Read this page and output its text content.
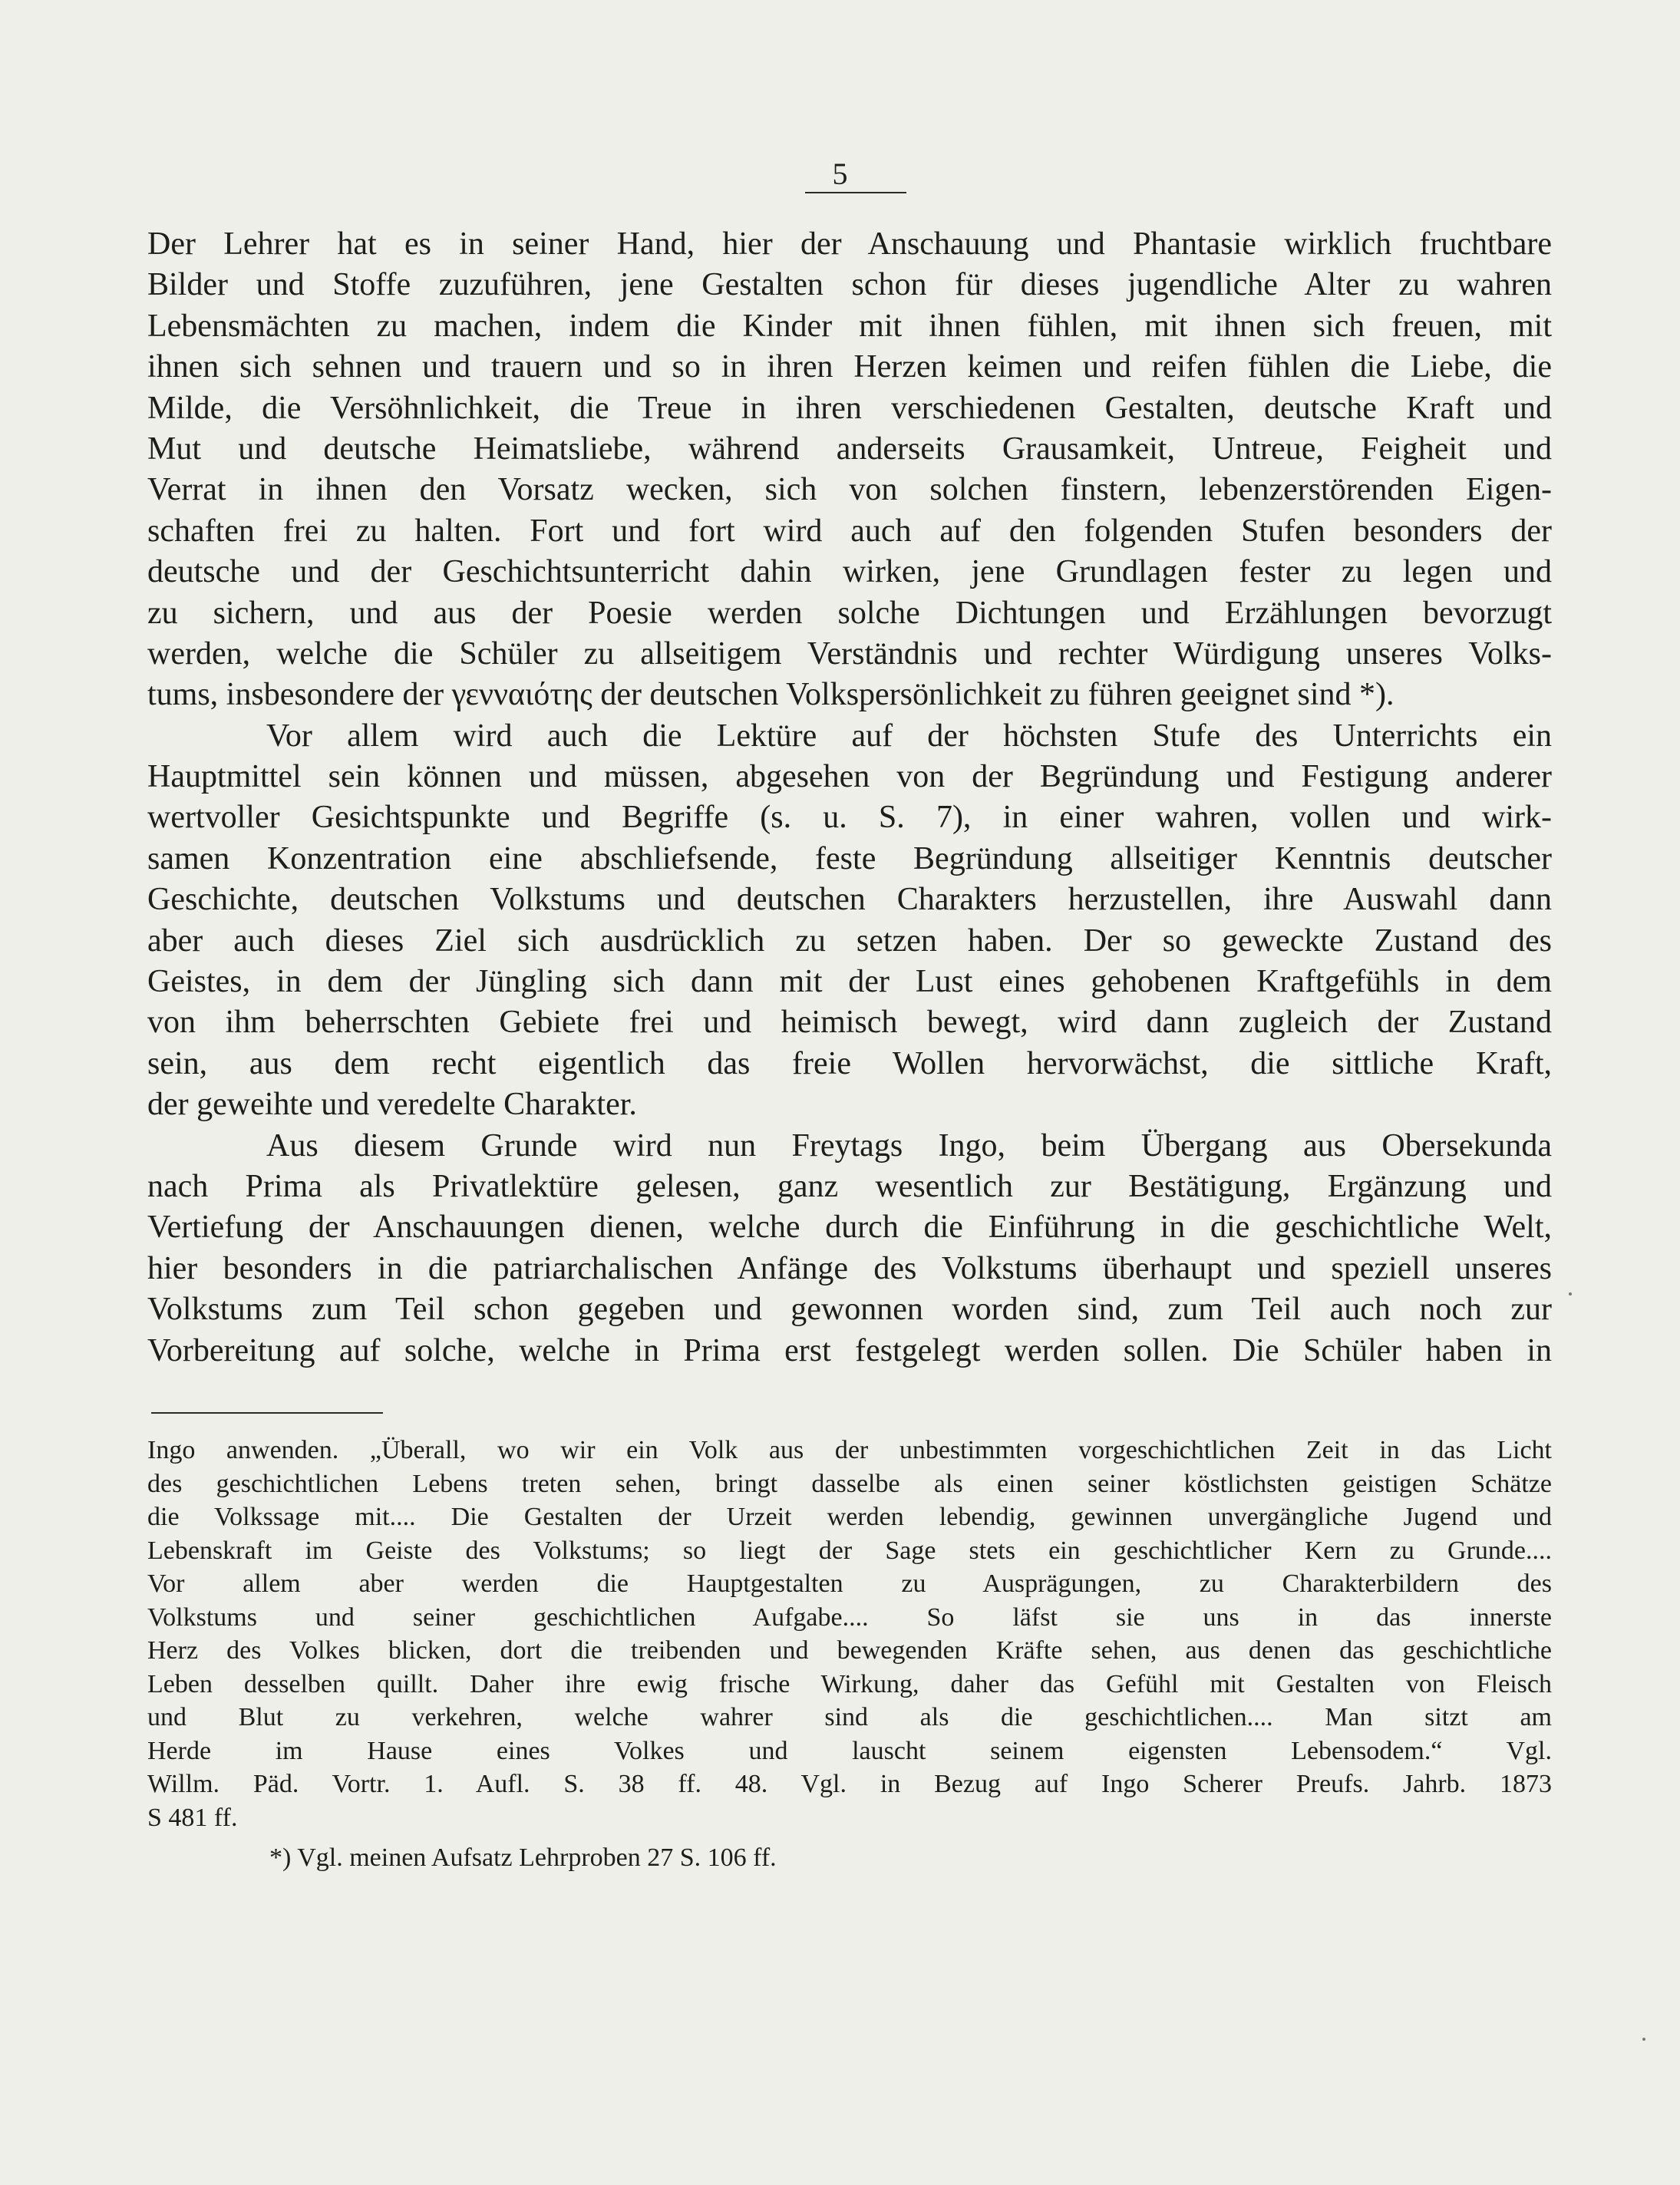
5
Der Lehrer hat es in seiner Hand, hier der Anschauung und Phantasie wirklich fruchtbare
Bilder und Stoffe zuzuführen, jene Gestalten schon für dieses jugendliche Alter zu wahren
Lebensmächten zu machen, indem die Kinder mit ihnen fühlen, mit ihnen sich freuen, mit
ihnen sich sehnen und trauern und so in ihren Herzen keimen und reifen fühlen die Liebe, die
Milde, die Versöhnlichkeit, die Treue in ihren verschiedenen Gestalten, deutsche Kraft und
Mut und deutsche Heimatsliebe, während anderseits Grausamkeit, Untreue, Feigheit und
Verrat in ihnen den Vorsatz wecken, sich von solchen finstern, lebenzerstörenden Eigen-
schaften frei zu halten. Fort und fort wird auch auf den folgenden Stufen besonders der
deutsche und der Geschichtsunterricht dahin wirken, jene Grundlagen fester zu legen und
zu sichern, und aus der Poesie werden solche Dichtungen und Erzählungen bevorzugt
werden, welche die Schüler zu allseitigem Verständnis und rechter Würdigung unseres Volks-
tums, insbesondere der γενναιότης der deutschen Volkspersönlichkeit zu führen geeignet sind *).
Vor allem wird auch die Lektüre auf der höchsten Stufe des Unterrichts ein
Hauptmittel sein können und müssen, abgesehen von der Begründung und Festigung anderer
wertvoller Gesichtspunkte und Begriffe (s. u. S. 7), in einer wahren, vollen und wirk-
samen Konzentration eine abschliefsende, feste Begründung allseitiger Kenntnis deutscher
Geschichte, deutschen Volkstums und deutschen Charakters herzustellen, ihre Auswahl dann
aber auch dieses Ziel sich ausdrücklich zu setzen haben. Der so geweckte Zustand des
Geistes, in dem der Jüngling sich dann mit der Lust eines gehobenen Kraftgefühls in dem
von ihm beherrschten Gebiete frei und heimisch bewegt, wird dann zugleich der Zustand
sein, aus dem recht eigentlich das freie Wollen hervorwächst, die sittliche Kraft,
der geweihte und veredelte Charakter.
Aus diesem Grunde wird nun Freytags Ingo, beim Übergang aus Obersekunda
nach Prima als Privatlektüre gelesen, ganz wesentlich zur Bestätigung, Ergänzung und
Vertiefung der Anschauungen dienen, welche durch die Einführung in die geschichtliche Welt,
hier besonders in die patriarchalischen Anfänge des Volkstums überhaupt und speziell unseres
Volkstums zum Teil schon gegeben und gewonnen worden sind, zum Teil auch noch zur
Vorbereitung auf solche, welche in Prima erst festgelegt werden sollen. Die Schüler haben in
Ingo anwenden. „Überall, wo wir ein Volk aus der unbestimmten vorgeschichtlichen Zeit in das Licht
des geschichtlichen Lebens treten sehen, bringt dasselbe als einen seiner köstlichsten geistigen Schätze
die Volkssage mit.... Die Gestalten der Urzeit werden lebendig, gewinnen unvergängliche Jugend und
Lebenskraft im Geiste des Volkstums; so liegt der Sage stets ein geschichtlicher Kern zu Grunde....
Vor allem aber werden die Hauptgestalten zu Ausprägungen, zu Charakterbildern des
Volkstums und seiner geschichtlichen Aufgabe.... So läfst sie uns in das innerste
Herz des Volkes blicken, dort die treibenden und bewegenden Kräfte sehen, aus denen das geschichtliche
Leben desselben quillt. Daher ihre ewig frische Wirkung, daher das Gefühl mit Gestalten von Fleisch
und Blut zu verkehren, welche wahrer sind als die geschichtlichen.... Man sitzt am
Herde im Hause eines Volkes und lauscht seinem eigensten Lebensodem.“ Vgl.
Willm. Päd. Vortr. 1. Aufl. S. 38 ff. 48. Vgl. in Bezug auf Ingo Scherer Preufs. Jahrb. 1873
S 481 ff.
*) Vgl. meinen Aufsatz Lehrproben 27 S. 106 ff.
